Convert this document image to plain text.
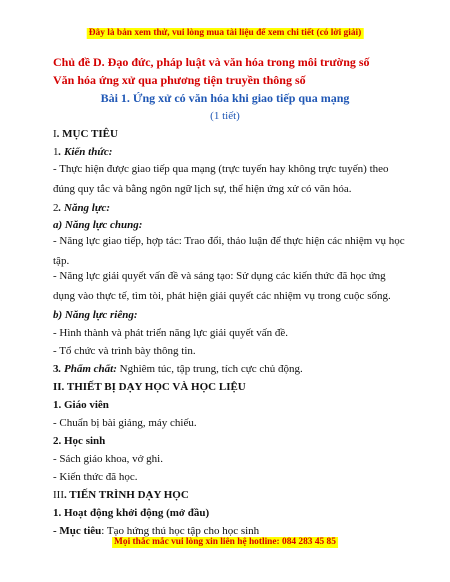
Đây là bản xem thử, vui lòng mua tài liệu để xem chi tiết (có lời giải)
Chủ đề D. Đạo đức, pháp luật và văn hóa trong môi trường số
Văn hóa ứng xử qua phương tiện truyền thông số
Bài 1. Ứng xử có văn hóa khi giao tiếp qua mạng
(1 tiết)
I. MỤC TIÊU
1. Kiến thức:
- Thực hiện được giao tiếp qua mạng (trực tuyến hay không trực tuyến) theo đúng quy tắc và bằng ngôn ngữ lịch sự, thể hiện ứng xử có văn hóa.
2. Năng lực:
a) Năng lực chung:
- Năng lực giao tiếp, hợp tác: Trao đổi, thảo luận để thực hiện các nhiệm vụ học tập.
- Năng lực giải quyết vấn đề và sáng tạo: Sử dụng các kiến thức đã học ứng dụng vào thực tế, tìm tòi, phát hiện giải quyết các nhiệm vụ trong cuộc sống.
b) Năng lực riêng:
- Hình thành và phát triển năng lực giải quyết vấn đề.
- Tổ chức và trình bày thông tin.
3. Phẩm chất: Nghiêm túc, tập trung, tích cực chủ động.
II. THIẾT BỊ DẠY HỌC VÀ HỌC LIỆU
1. Giáo viên
- Chuẩn bị bài giảng, máy chiếu.
2. Học sinh
- Sách giáo khoa, vở ghi.
- Kiến thức đã học.
III. TIẾN TRÌNH DẠY HỌC
1. Hoạt động khởi động (mở đầu)
- Mục tiêu: Tạo hứng thú học tập cho học sinh
Mọi thắc mắc vui lòng xin liên hệ hotline: 084 283 45 85
